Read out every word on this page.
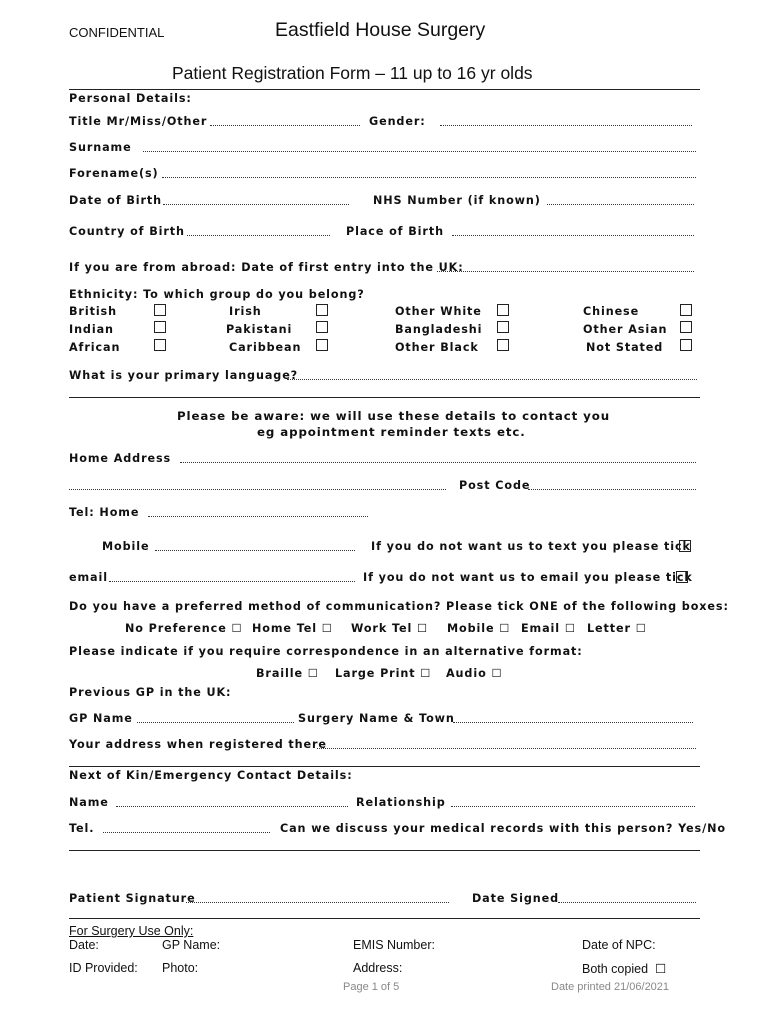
CONFIDENTIAL	Eastfield House Surgery
Patient Registration Form – 11 up to 16 yr olds
Personal Details:
Title Mr/Miss/Other	Gender:
Surname
Forename(s)
Date of Birth	NHS Number (if known)
Country of Birth	Place of Birth
If you are from abroad: Date of first entry into the UK:
Ethnicity: To which group do you belong?
British	Irish	Other White	Chinese
Indian	Pakistani	Bangladeshi	Other Asian
African	Caribbean	Other Black	Not Stated
What is your primary language?
Please be aware: we will use these details to contact you
eg appointment reminder texts etc.
Home Address
Post Code
Tel: Home
Mobile	If you do not want us to text you please tick
email	If you do not want us to email you please tick
Do you have a preferred method of communication? Please tick ONE of the following boxes:
No Preference ☐ Home Tel ☐ Work Tel ☐ Mobile ☐ Email ☐ Letter ☐
Please indicate if you require correspondence in an alternative format:
Braille ☐ Large Print ☐ Audio ☐
Previous GP in the UK:
GP Name	Surgery Name & Town
Your address when registered there
Next of Kin/Emergency Contact Details:
Name	Relationship
Tel.	Can we discuss your medical records with this person? Yes/No
Patient Signature	Date Signed
For Surgery Use Only:
Date:	GP Name:	EMIS Number:	Date of NPC:
ID Provided: Photo:	Address:	Both copied ☐
Page 1 of 5	Date printed 21/06/2021
